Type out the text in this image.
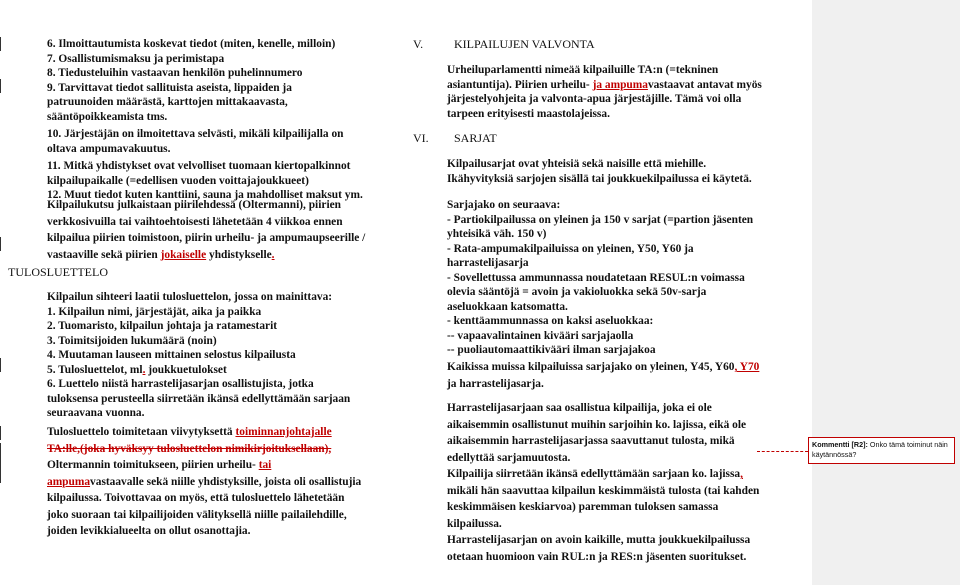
6. Ilmoittautumista koskevat tiedot (miten, kenelle, milloin)
7. Osallistumismaksu ja perimistapa
8. Tiedusteluihin vastaavan henkilön puhelinnumero
9. Tarvittavat tiedot sallituista aseista, lippaiden ja
patruunoiden määrästä, karttojen mittakaavasta,
sääntöpoikkeamista tms.
10. Järjestäjän on ilmoitettava selvästi, mikäli kilpailijalla on
oltava ampumavakuutus.
11. Mitkä yhdistykset ovat velvolliset tuomaan kiertopalkinnot
kilpailupaikalle (=edellisen vuoden voittajajoukkueet)
12. Muut tiedot kuten kanttiini, sauna ja mahdolliset maksut ym.
Kilpailukutsu julkaistaan piirilehdessä (Oltermanni), piirien
verkkosivuilla tai vaihtoehtoisesti lähetetään 4 viikkoa ennen
kilpailua piirien toimistoon, piirin urheilu- ja ampumaupseerille /
vastaaville sekä piirien jokaiselle yhdistykselle.
TULOSLUETTELO
Kilpailun sihteeri laatii tulosluettelon, jossa on mainittava:
1. Kilpailun nimi, järjestäjät, aika ja paikka
2. Tuomaristo, kilpailun johtaja ja ratamestarit
3. Toimitsijoiden lukumäärä (noin)
4. Muutaman lauseen mittainen selostus kilpailusta
5. Tulosluettelot, ml. joukkuetulokset
6. Luettelo niistä harrastelijasarjan osallistujista, jotka
tuloksensa perusteella siirretään ikänsä edellyttämään sarjaan
seuraavana vuonna.
Tulosluettelo toimitetaan viivytyksettä toiminnanjohtajalle
TA:lle,(joka hyväksyy tulosluettelon nimikirjoituksellaan),
Oltermannin toimitukseen, piirien urheilu- tai
ampumavastaavalle sekä niille yhdistyksille, joista oli osallistujia
kilpailussa. Toivottavaa on myös, että tulosluettelo lähetetään
joko suoraan tai kilpailijoiden välityksellä niille pailailehdille,
joiden levikkialueelta on ollut osanottajia.
V.	KILPAILUJEN VALVONTA
Urheiluparlamentti nimeää kilpailuille TA:n (=tekninen
asiantuntija). Piirien urheilu- ja ampumavastaavat antavat myös
järjestelyohjeita ja valvonta-apua järjestäjille. Tämä voi olla
tarpeen erityisesti maastolajeissa.
VI. SARJAT
Kilpailusarjat ovat yhteisiä sekä naisille että miehille.
Ikähyvityksiä sarjojen sisällä tai joukkuekilpailussa ei käytetä.
Sarjajako on seuraava:
- Partiokilpailussa on yleinen ja 150 v sarjat (=partion jäsenten
yhteisikä väh. 150 v)
- Rata-ampumakilpailuissa on yleinen, Y50, Y60 ja
harrastelijasarja
- Sovellettussa ammunnassa noudatetaan RESUL:n voimassa
olevia sääntöjä = avoin ja vakioluokka sekä 50v-sarja
aseluokkaan katsomatta.
- kenttäammunnassa on kaksi aseluokkaa:
-- vapaavalintainen kivääri sarjajaolla
-- puoliautomaattikivääri ilman sarjajakoa
Kaikissa muissa kilpailuissa sarjajako on yleinen, Y45, Y60, Y70
ja harrastelijasarja.
Harrastelijasarjaan saa osallistua kilpailija, joka ei ole
aikaisemmin osallistunut muihin sarjoihin ko. lajissa, eikä ole
aikaisemmin harrastelijasarjassa saavuttanut tulosta, mikä
edellyttää sarjamuutosta.
Kilpailija siirretään ikänsä edellyttämään sarjaan ko. lajissa,
mikäli hän saavuttaa kilpailun keskimmäistä tulosta (tai kahden
keskimmäisen keskiarvoa) paremman tuloksen samassa
kilpailussa.
Harrastelijasarjan on avoin kaikille, mutta joukkuekilpailussa
otetaan huomioon vain RUL:n ja RES:n jäsenten suoritukset.
Kommentti [R2]: Onko tämä toiminut näin käytännössä?
